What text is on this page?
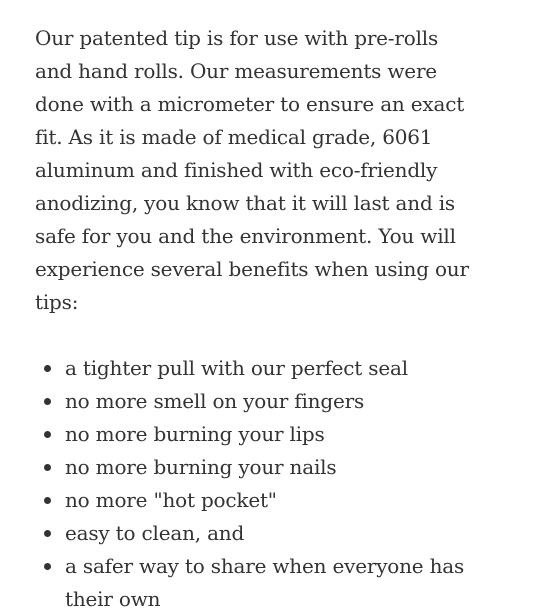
Our patented tip is for use with pre-rolls and hand rolls. Our measurements were done with a micrometer to ensure an exact fit. As it is made of medical grade, 6061 aluminum and finished with eco-friendly anodizing, you know that it will last and is safe for you and the environment. You will experience several benefits when using our tips:

a tighter pull with our perfect seal
no more smell on your fingers
no more burning your lips
no more burning your nails
no more "hot pocket"
easy to clean, and
a safer way to share when everyone has their own
